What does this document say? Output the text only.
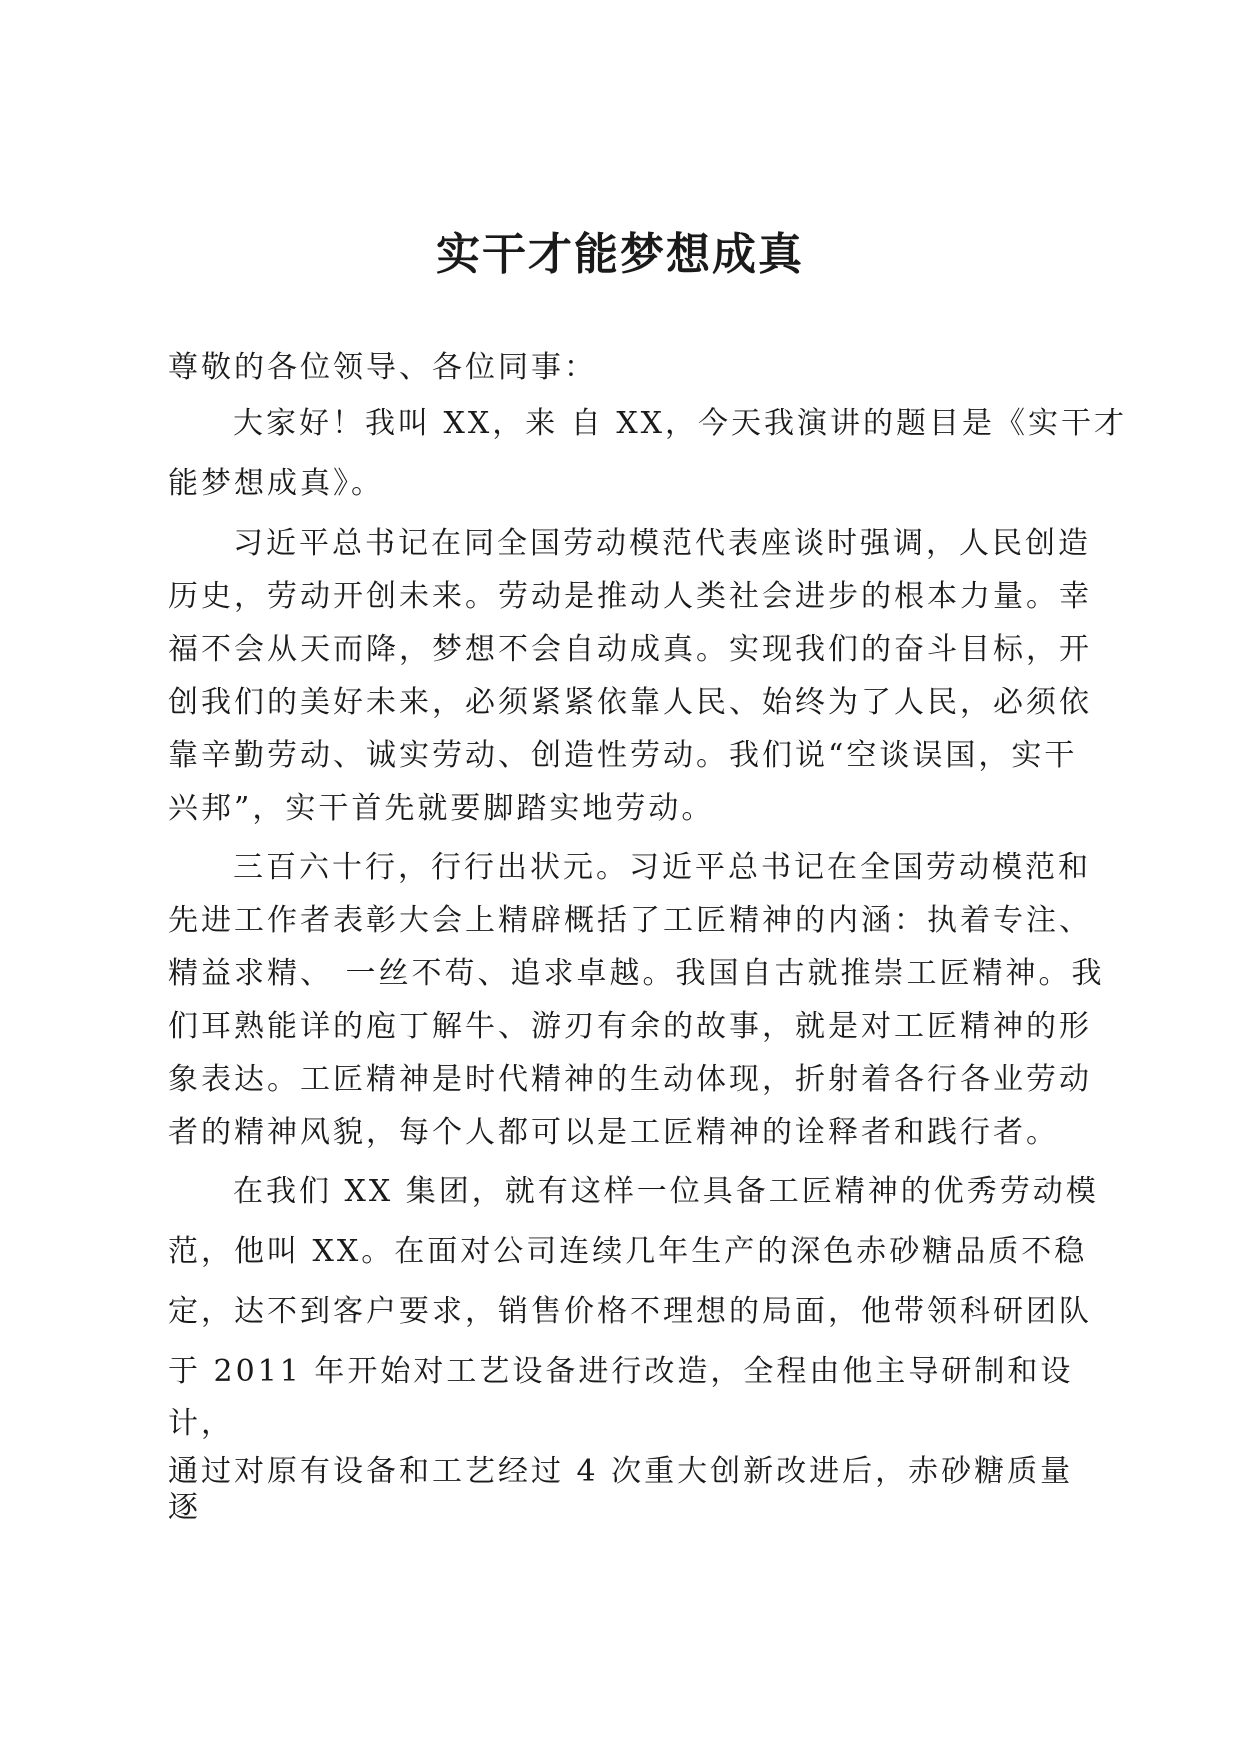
实干才能梦想成真
尊敬的各位领导、各位同事：
大家好！我叫 XX，来 自 XX，今天我演讲的题目是《实干才
能梦想成真》。
习近平总书记在同全国劳动模范代表座谈时强调，人民创造
历史，劳动开创未来。劳动是推动人类社会进步的根本力量。幸
福不会从天而降，梦想不会自动成真。实现我们的奋斗目标，开
创我们的美好未来，必须紧紧依靠人民、始终为了人民，必须依
靠辛勤劳动、诚实劳动、创造性劳动。我们说“空谈误国，实干
兴邦”，实干首先就要脚踏实地劳动。
三百六十行，行行出状元。习近平总书记在全国劳动模范和
先进工作者表彰大会上精辟概括了工匠精神的内涵：执着专注、
精益求精、 一丝不苟、追求卓越。我国自古就推崇工匠精神。我
们耳熟能详的庖丁解牛、游刃有余的故事，就是对工匠精神的形
象表达。工匠精神是时代精神的生动体现，折射着各行各业劳动
者的精神风貌，每个人都可以是工匠精神的诠释者和践行者。
在我们 XX 集团，就有这样一位具备工匠精神的优秀劳动模
范，他叫 XX。在面对公司连续几年生产的深色赤砂糖品质不稳
定，达不到客户要求，销售价格不理想的局面，他带领科研团队
于 2011 年开始对工艺设备进行改造，全程由他主导研制和设
计，
通过对原有设备和工艺经过 4 次重大创新改进后，赤砂糖质量
逐
